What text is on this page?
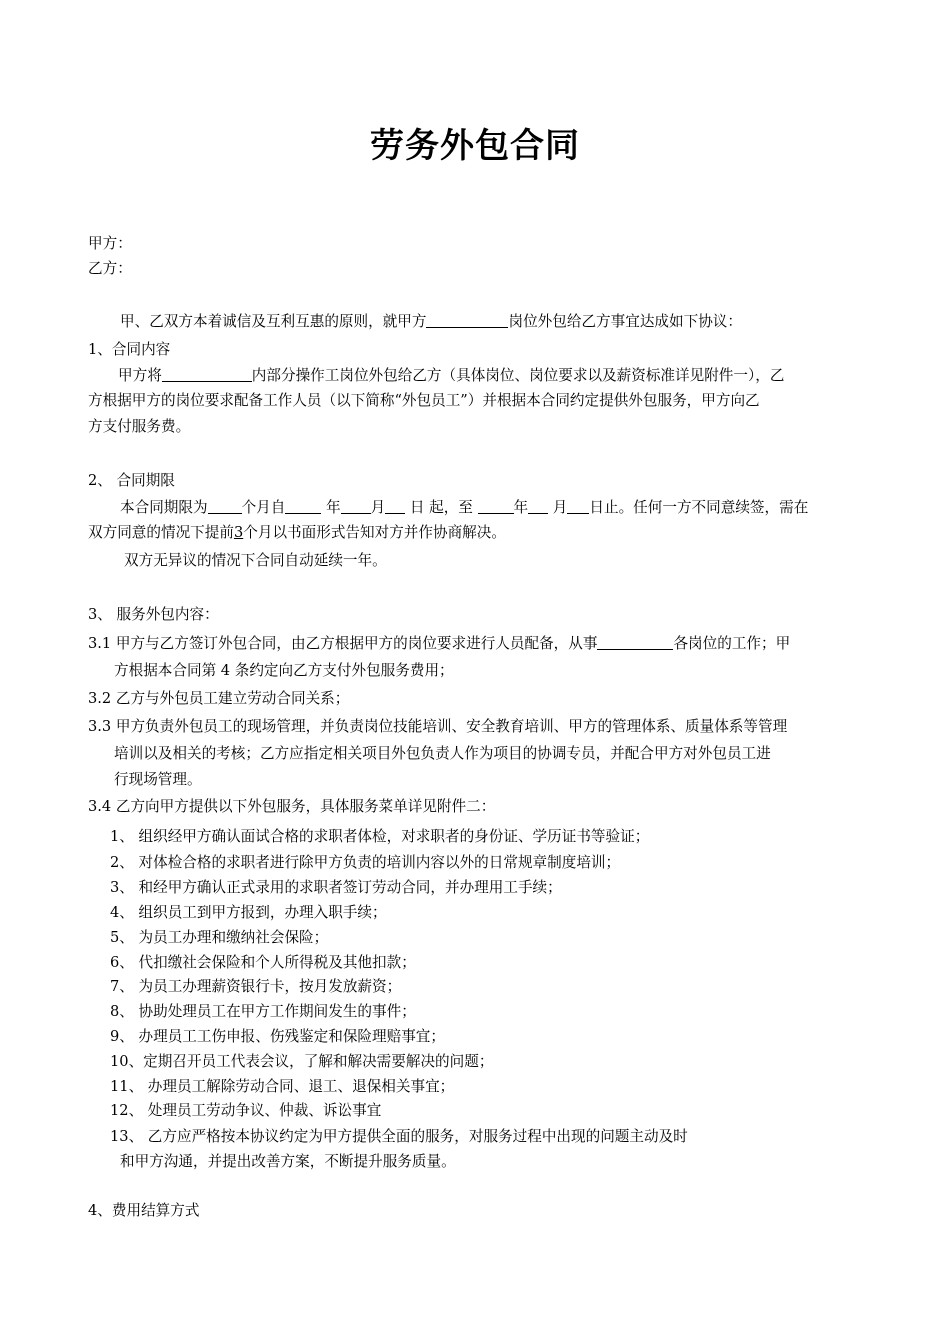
劳务外包合同
甲方：
乙方：
甲、乙双方本着诚信及互利互惠的原则，就甲方	岗位外包给乙方事宜达成如下协议：
1、合同内容
甲方将	内部分操作工岗位外包给乙方（具体岗位、岗位要求以及薪资标准详见附件一），乙
方根据甲方的岗位要求配备工作人员（以下简称“外包员工”）并根据本合同约定提供外包服务，甲方向乙
方支付服务费。
2、 合同期限
本合同期限为 个月自	年 月 日 起，至	年 月 日止。任何一方不同意续签，需在
双方同意的情况下提前3个月以书面形式告知对方并作协商解决。
双方无异议的情况下合同自动延续一年。
3、 服务外包内容：
3.1 甲方与乙方签订外包合同，由乙方根据甲方的岗位要求进行人员配备，从事	各岗位的工作；甲
方根据本合同第 4 条约定向乙方支付外包服务费用；
3.2 乙方与外包员工建立劳动合同关系；
3.3 甲方负责外包员工的现场管理，并负责岗位技能培训、安全教育培训、甲方的管理体系、质量体系等管理
培训以及相关的考核；乙方应指定相关项目外包负责人作为项目的协调专员，并配合甲方对外包员工进
行现场管理。
3.4 乙方向甲方提供以下外包服务，具体服务菜单详见附件二：
1、 组织经甲方确认面试合格的求职者体检，对求职者的身份证、学历证书等验证；
2、 对体检合格的求职者进行除甲方负责的培训内容以外的日常规章制度培训；
3、 和经甲方确认正式录用的求职者签订劳动合同，并办理用工手续；
4、 组织员工到甲方报到，办理入职手续；
5、 为员工办理和缴纳社会保险；
6、 代扣缴社会保险和个人所得税及其他扣款；
7、 为员工办理薪资银行卡，按月发放薪资；
8、 协助处理员工在甲方工作期间发生的事件；
9、 办理员工工伤申报、伤残鉴定和保险理赔事宜；
10、定期召开员工代表会议，了解和解决需要解决的问题；
11、 办理员工解除劳动合同、退工、退保相关事宜；
12、 处理员工劳动争议、仲裁、诉讼事宜
13、 乙方应严格按本协议约定为甲方提供全面的服务，对服务过程中出现的问题主动及时
和甲方沟通，并提出改善方案，不断提升服务质量。
4、费用结算方式
